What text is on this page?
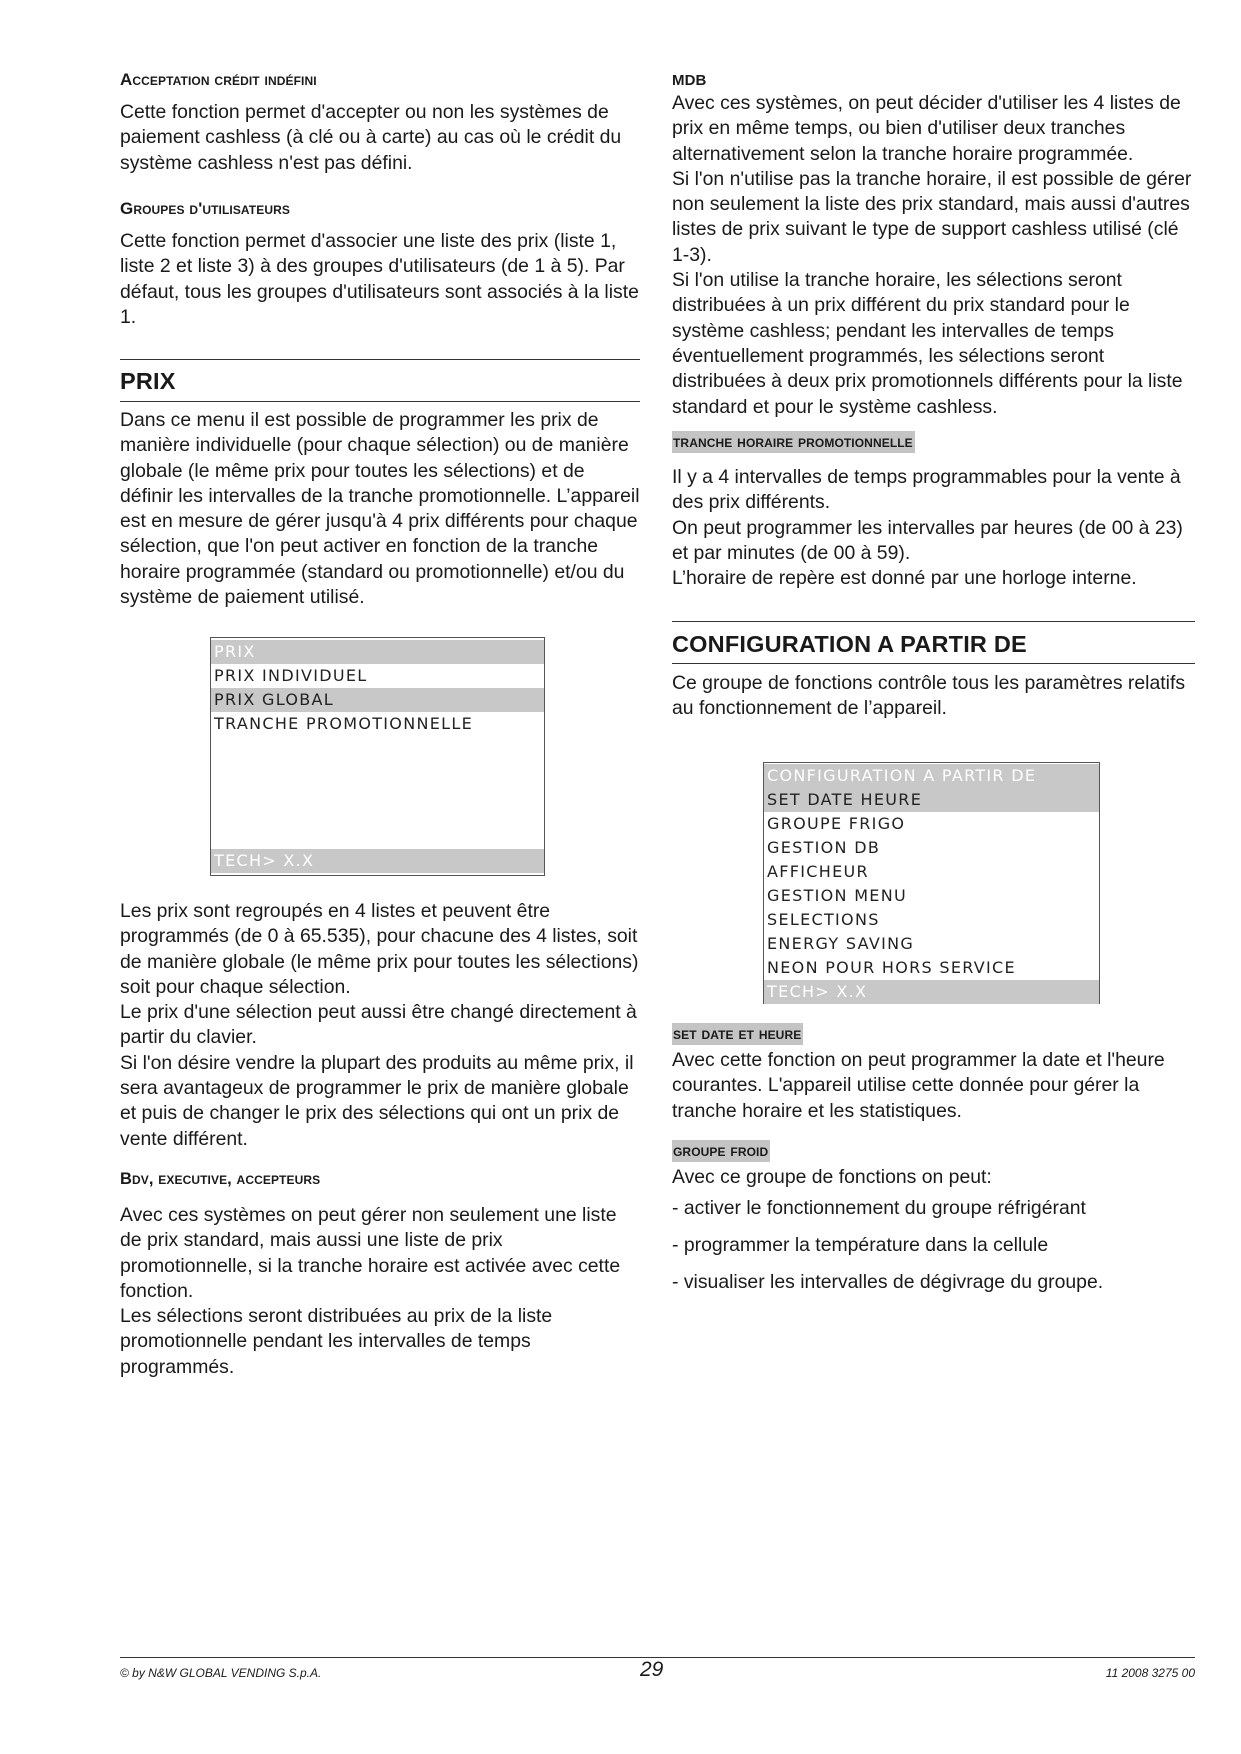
Acceptation crédit indéfini

Cette fonction permet d'accepter ou non les systèmes de paiement cashless (à clé ou à carte) au cas où le crédit du système cashless n'est pas défini.

Groupes d'utilisateurs

Cette fonction permet d'associer une liste des prix (liste 1, liste 2 et liste 3) à des groupes d'utilisateurs (de 1 à 5). Par défaut, tous les groupes d'utilisateurs sont associés à la liste 1.

PRIX

Dans ce menu il est possible de programmer les prix de manière individuelle (pour chaque sélection) ou de manière globale (le même prix pour toutes les sélections) et de définir les intervalles de la tranche promotionnelle. L’appareil est en mesure de gérer jusqu'à 4 prix différents pour chaque sélection, que l'on peut activer en fonction de la tranche horaire programmée (standard ou promotionnelle) et/ou du système de paiement utilisé.

PRIX
PRIX INDIVIDUEL
PRIX GLOBAL
TRANCHE PROMOTIONNELLE
TECH> X.X

Les prix sont regroupés en 4 listes et peuvent être programmés (de 0 à 65.535), pour chacune des 4 listes, soit de manière globale (le même prix pour toutes les sélections) soit pour chaque sélection.
Le prix d'une sélection peut aussi être changé directement à partir du clavier.
Si l'on désire vendre la plupart des produits au même prix, il sera avantageux de programmer le prix de manière globale et puis de changer le prix des sélections qui ont un prix de vente différent.

Bdv, executive, accepteurs

Avec ces systèmes on peut gérer non seulement une liste de prix standard, mais aussi une liste de prix promotionnelle, si la tranche horaire est activée avec cette fonction.
Les sélections seront distribuées au prix de la liste promotionnelle pendant les intervalles de temps programmés.

MDB

Avec ces systèmes, on peut décider d'utiliser les 4 listes de prix en même temps, ou bien d'utiliser deux tranches alternativement selon la tranche horaire programmée.
Si l'on n'utilise pas la tranche horaire, il est possible de gérer non seulement la liste des prix standard, mais aussi d'autres listes de prix suivant le type de support cashless utilisé (clé 1-3).
Si l'on utilise la tranche horaire, les sélections seront distribuées à un prix différent du prix standard pour le système cashless; pendant les intervalles de temps éventuellement programmés, les sélections seront distribuées à deux prix promotionnels différents pour la liste standard et pour le système cashless.

tranche horaire promotionnelle

Il y a 4 intervalles de temps programmables pour la vente à des prix différents.
On peut programmer les intervalles par heures (de 00 à 23) et par minutes (de 00 à 59).
L’horaire de repère est donné par une horloge interne.

CONFIGURATION A PARTIR DE

Ce groupe de fonctions contrôle tous les paramètres relatifs au fonctionnement de l’appareil.

CONFIGURATION A PARTIR DE
SET DATE HEURE
GROUPE FRIGO
GESTION DB
AFFICHEUR
GESTION MENU
SELECTIONS
ENERGY SAVING
NEON POUR HORS SERVICE
TECH> X.X
set date et heure

Avec cette fonction on peut programmer la date et l'heure courantes. L'appareil utilise cette donnée pour gérer la tranche horaire et les statistiques.

groupe froid

Avec ce groupe de fonctions on peut:

- activer le fonctionnement du groupe réfrigérant

- programmer la température dans la cellule

- visualiser les intervalles de dégivrage du groupe.

© by N&W GLOBAL VENDING S.p.A.	29	11 2008 3275 00
